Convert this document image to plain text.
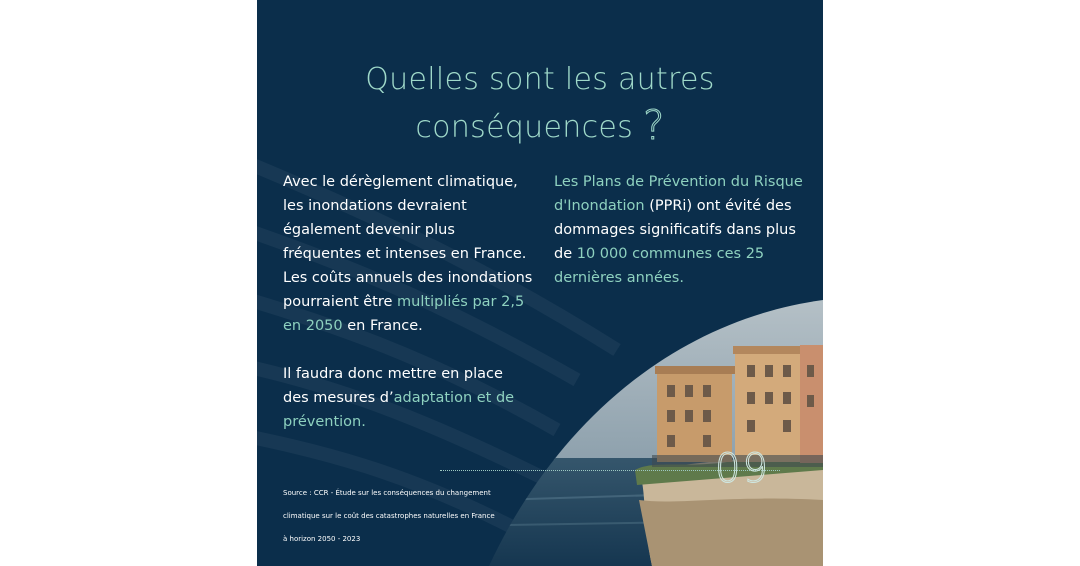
Quelles sont les autres
conséquences ?
Avec le dérèglement climatique, les inondations devraient également devenir plus fréquentes et intenses en France. Les coûts annuels des inondations pourraient être multipliés par 2,5 en 2050 en France.
Il faudra donc mettre en place des mesures d’adaptation et de prévention.
Les Plans de Prévention du Risque d'Inondation (PPRi) ont évité des dommages significatifs dans plus de 10 000 communes ces 25 dernières années.
09
Source : CCR - Étude sur les conséquences du changement
climatique sur le coût des catastrophes naturelles en France
à horizon 2050 - 2023
